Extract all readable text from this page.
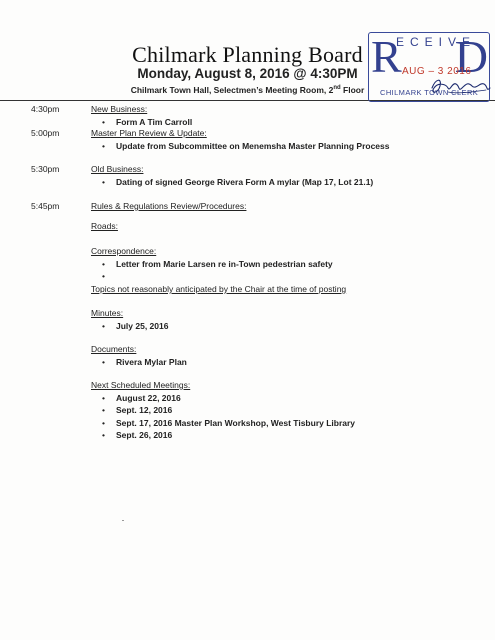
Chilmark Planning Board
Monday, August 8, 2016 @ 4:30PM
Chilmark Town Hall, Selectmen’s Meeting Room, 2nd Floor
R
ECEIVE
D
AUG – 3 2016
CHILMARK TOWN CLERK
4:30pm	New Business:
• Form A Tim Carroll
5:00pm	Master Plan Review & Update:
• Update from Subcommittee on Menemsha Master Planning Process
5:30pm	Old Business:
• Dating of signed George Rivera Form A mylar (Map 17, Lot 21.1)
5:45pm	Rules & Regulations Review/Procedures:
Roads:
Correspondence:
• Letter from Marie Larsen re in-Town pedestrian safety
•
Topics not reasonably anticipated by the Chair at the time of posting
Minutes:
• July 25, 2016
Documents:
• Rivera Mylar Plan
Next Scheduled Meetings:
• August 22, 2016
• Sept. 12, 2016
• Sept. 17, 2016 Master Plan Workshop, West Tisbury Library
• Sept. 26, 2016
